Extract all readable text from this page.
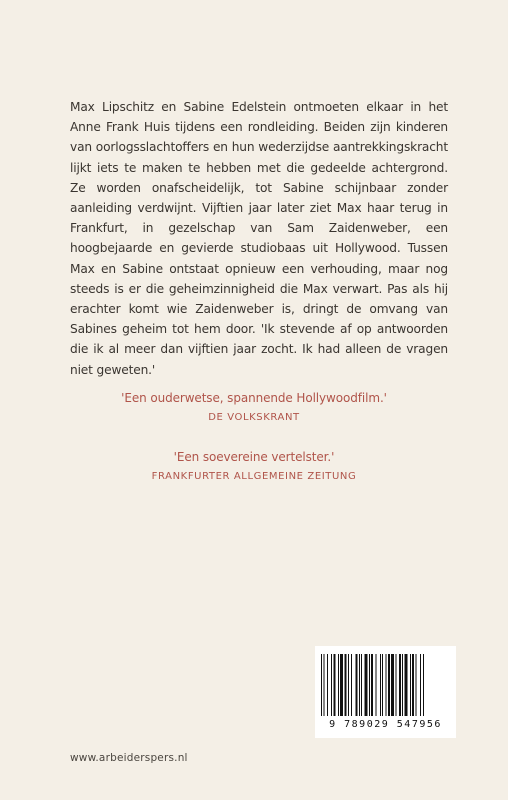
Max Lipschitz en Sabine Edelstein ontmoeten elkaar in het Anne Frank Huis tijdens een rondleiding. Beiden zijn kinderen van oorlogsslachtoffers en hun wederzijdse aantrekkingskracht lijkt iets te maken te hebben met die gedeelde achtergrond. Ze worden onafscheidelijk, tot Sabine schijnbaar zonder aanleiding verdwijnt. Vijftien jaar later ziet Max haar terug in Frankfurt, in gezelschap van Sam Zaidenweber, een hoogbejaarde en gevierde studiobaas uit Hollywood. Tussen Max en Sabine ontstaat opnieuw een verhouding, maar nog steeds is er die geheimzinnigheid die Max verwart. Pas als hij erachter komt wie Zaidenweber is, dringt de omvang van Sabines geheim tot hem door. 'Ik stevende af op antwoorden die ik al meer dan vijftien jaar zocht. Ik had alleen de vragen niet geweten.'

'Een ouderwetse, spannende Hollywoodfilm.'
DE VOLKSKRANT
'Een soevereine vertelster.'
FRANKFURTER ALLGEMEINE ZEITUNG
9 789029 547956
www.arbeiderspers.nl
